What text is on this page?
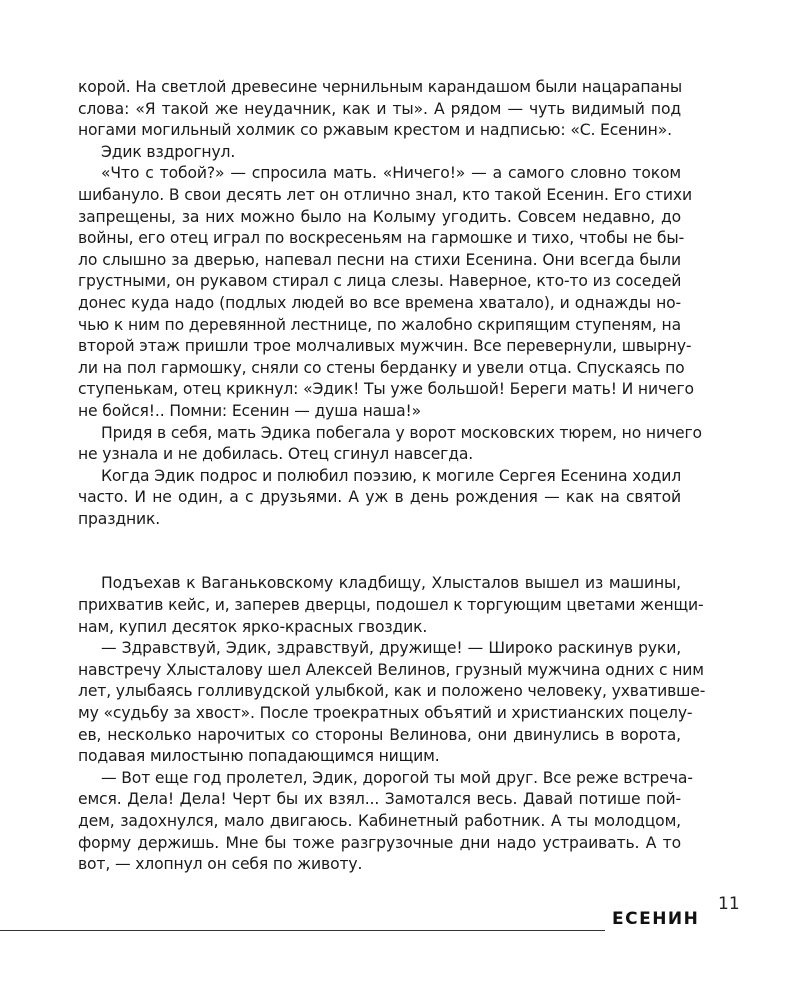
корой. На светлой древесине чернильным карандашом были нацарапаны
слова: «Я такой же неудачник, как и ты». А рядом — чуть видимый под
ногами могильный холмик со ржавым крестом и надписью: «С. Есенин».
Эдик вздрогнул.
«Что с тобой?» — спросила мать. «Ничего!» — а самого словно током
шибануло. В свои десять лет он отлично знал, кто такой Есенин. Его стихи
запрещены, за них можно было на Колыму угодить. Совсем недавно, до
войны, его отец играл по воскресеньям на гармошке и тихо, чтобы не бы-
ло слышно за дверью, напевал песни на стихи Есенина. Они всегда были
грустными, он рукавом стирал с лица слезы. Наверное, кто-то из соседей
донес куда надо (подлых людей во все времена хватало), и однажды но-
чью к ним по деревянной лестнице, по жалобно скрипящим ступеням, на
второй этаж пришли трое молчаливых мужчин. Все перевернули, швырну-
ли на пол гармошку, сняли со стены берданку и увели отца. Спускаясь по
ступенькам, отец крикнул: «Эдик! Ты уже большой! Береги мать! И ничего
не бойся!.. Помни: Есенин — душа наша!»
Придя в себя, мать Эдика побегала у ворот московских тюрем, но ничего
не узнала и не добилась. Отец сгинул навсегда.
Когда Эдик подрос и полюбил поэзию, к могиле Сергея Есенина ходил
часто. И не один, а с друзьями. А уж в день рождения — как на святой
праздник.
Подъехав к Ваганьковскому кладбищу, Хлысталов вышел из машины,
прихватив кейс, и, заперев дверцы, подошел к торгующим цветами женщи-
нам, купил десяток ярко-красных гвоздик.
— Здравствуй, Эдик, здравствуй, дружище! — Широко раскинув руки,
навстречу Хлысталову шел Алексей Велинов, грузный мужчина одних с ним
лет, улыбаясь голливудской улыбкой, как и положено человеку, ухвативше-
му «судьбу за хвост». После троекратных объятий и христианских поцелу-
ев, несколько нарочитых со стороны Велинова, они двинулись в ворота,
подавая милостыню попадающимся нищим.
— Вот еще год пролетел, Эдик, дорогой ты мой друг. Все реже встреча-
емся. Дела! Дела! Черт бы их взял... Замотался весь. Давай потише пой-
дем, задохнулся, мало двигаюсь. Кабинетный работник. А ты молодцом,
форму держишь. Мне бы тоже разгрузочные дни надо устраивать. А то
вот, — хлопнул он себя по животу.
11
ЕСЕНИН
